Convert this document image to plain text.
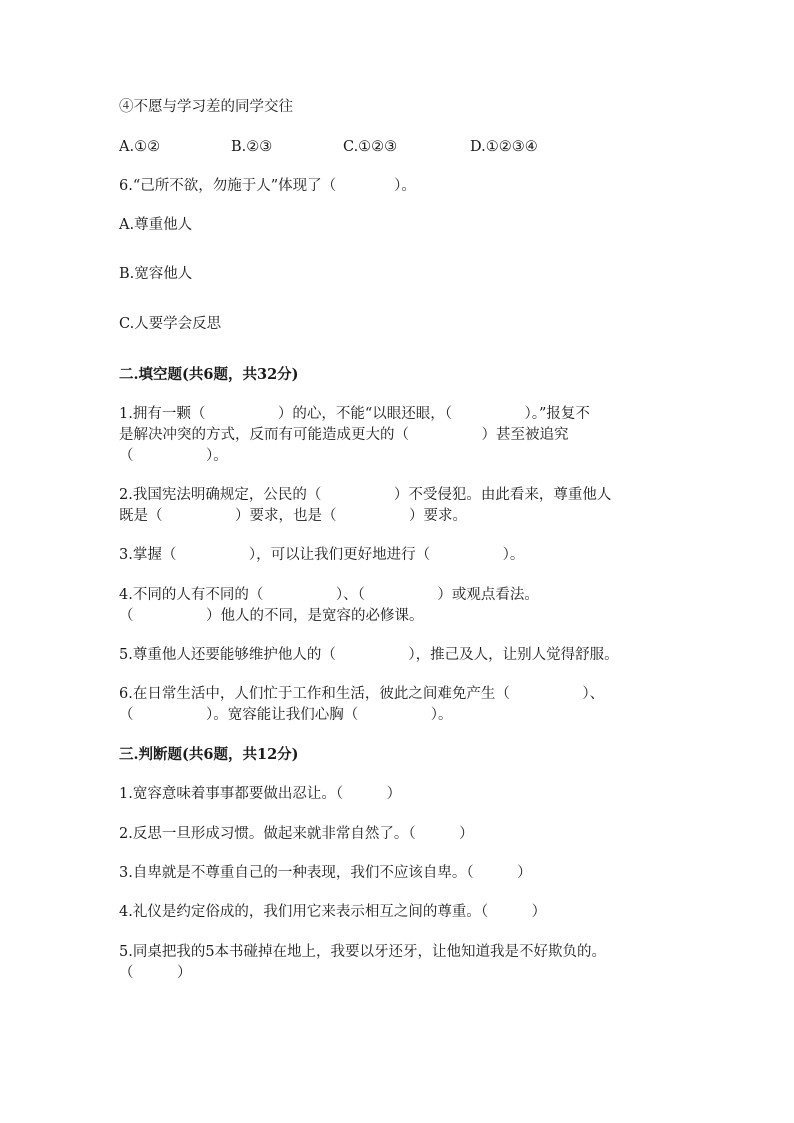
④不愿与学习差的同学交往
A.①②	B.②③	C.①②③	D.①②③④
6.“己所不欲，勿施于人”体现了（　　　　）。
A.尊重他人
B.宽容他人
C.人要学会反思
二.填空题(共6题，共32分)
1.拥有一颗（　　　　　）的心，不能“以眼还眼，（　　　　　）。”报复不
是解决冲突的方式，反而有可能造成更大的（　　　　　）甚至被追究
（　　　　　）。
2.我国宪法明确规定，公民的（　　　　　）不受侵犯。由此看来，尊重他人
既是（　　　　　）要求，也是（　　　　　）要求。
3.掌握（　　　　　），可以让我们更好地进行（　　　　　）。
4.不同的人有不同的（　　　　　）、（　　　　　）或观点看法。
（　　　　　）他人的不同，是宽容的必修课。
5.尊重他人还要能够维护他人的（　　　　　），推己及人，让别人觉得舒服。
6.在日常生活中，人们忙于工作和生活，彼此之间难免产生（　　　　　）、
（　　　　　）。宽容能让我们心胸（　　　　　）。
三.判断题(共6题，共12分)
1.宽容意味着事事都要做出忍让。（　　　）
2.反思一旦形成习惯。做起来就非常自然了。（　　　）
3.自卑就是不尊重自己的一种表现，我们不应该自卑。（　　　）
4.礼仪是约定俗成的，我们用它来表示相互之间的尊重。（　　　）
5.同桌把我的5本书碰掉在地上，我要以牙还牙，让他知道我是不好欺负的。
（　　　）
